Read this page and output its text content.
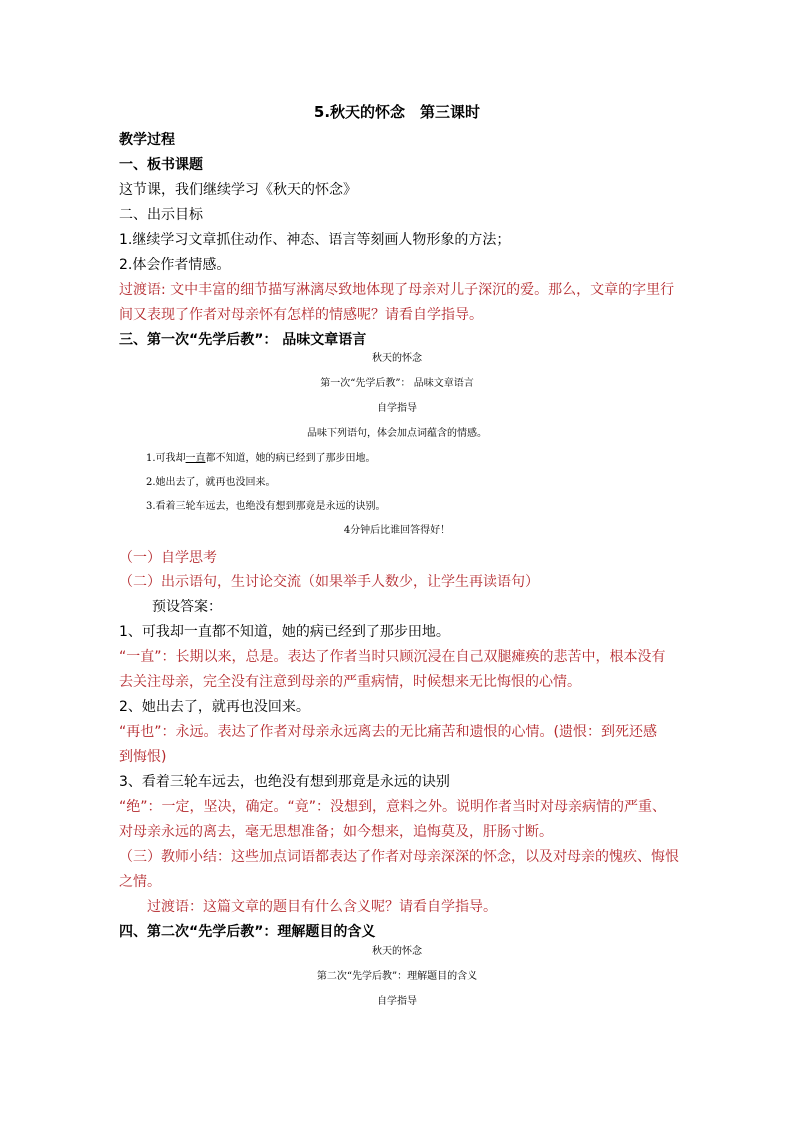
5.秋天的怀念　第三课时
教学过程
一、板书课题
这节课，我们继续学习《秋天的怀念》
二、出示目标
1.继续学习文章抓住动作、神态、语言等刻画人物形象的方法；
2.体会作者情感。
过渡语: 文中丰富的细节描写淋漓尽致地体现了母亲对儿子深沉的爱。那么，文章的字里行
间又表现了作者对母亲怀有怎样的情感呢？请看自学指导。
三、第一次“先学后教”： 品味文章语言
秋天的怀念
第一次“先学后教”： 品味文章语言
自学指导
品味下列语句，体会加点词蕴含的情感。
1.可我却一直都不知道，她的病已经到了那步田地。
2.她出去了，就再也没回来。
3.看着三轮车远去，也绝没有想到那竟是永远的诀别。
4分钟后比谁回答得好！
（一）自学思考
（二）出示语句，生讨论交流（如果举手人数少，让学生再读语句）
预设答案：
1、可我却一直都不知道，她的病已经到了那步田地。
“一直”：长期以来，总是。表达了作者当时只顾沉浸在自己双腿瘫痪的悲苦中，根本没有
去关注母亲，完全没有注意到母亲的严重病情，时候想来无比悔恨的心情。
2、她出去了，就再也没回来。
“再也”：永远。表达了作者对母亲永远离去的无比痛苦和遗恨的心情。(遗恨：到死还感
到悔恨)
3、看着三轮车远去，也绝没有想到那竟是永远的诀别
“绝”：一定，坚决，确定。“竟”：没想到，意料之外。说明作者当时对母亲病情的严重、
对母亲永远的离去，毫无思想准备；如今想来，追悔莫及，肝肠寸断。
（三）教师小结：这些加点词语都表达了作者对母亲深深的怀念，以及对母亲的愧疚、悔恨
之情。
过渡语：这篇文章的题目有什么含义呢？请看自学指导。
四、第二次“先学后教”：理解题目的含义
秋天的怀念
第二次“先学后教”：理解题目的含义
自学指导
